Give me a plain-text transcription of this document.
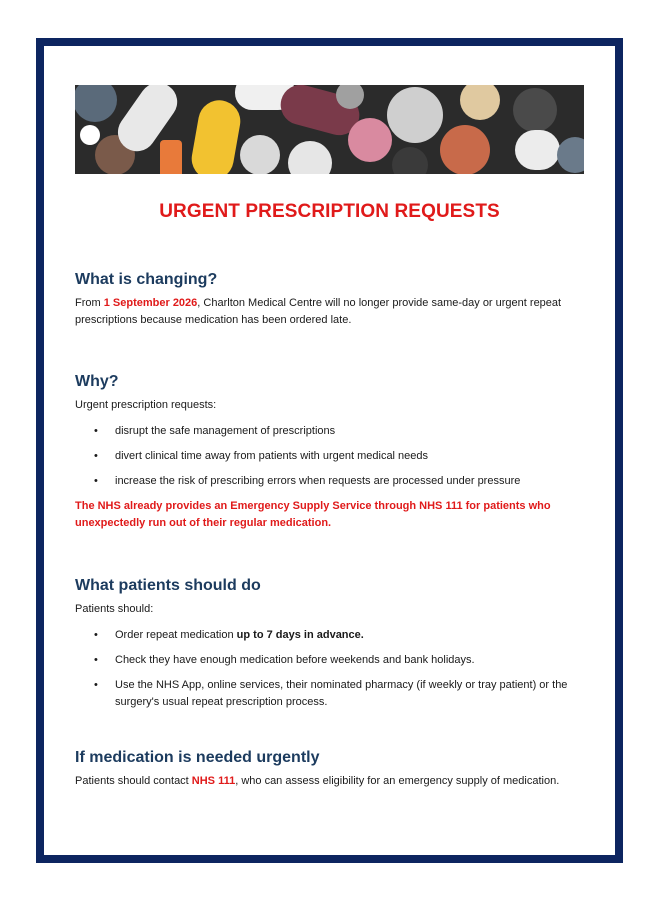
URGENT PRESCRIPTION REQUESTS
What is changing?

From 1 September 2026, Charlton Medical Centre will no longer provide same-day or urgent repeat prescriptions because medication has been ordered late.

Why?

Urgent prescription requests:

• disrupt the safe management of prescriptions
• divert clinical time away from patients with urgent medical needs
• increase the risk of prescribing errors when requests are processed under pressure

The NHS already provides an Emergency Supply Service through NHS 111 for patients who unexpectedly run out of their regular medication.

What patients should do

Patients should:

• Order repeat medication up to 7 days in advance.
• Check they have enough medication before weekends and bank holidays.
• Use the NHS App, online services, their nominated pharmacy (if weekly or tray patient) or the surgery's usual repeat prescription process.
If medication is needed urgently

Patients should contact NHS 111, who can assess eligibility for an emergency supply of medication.
